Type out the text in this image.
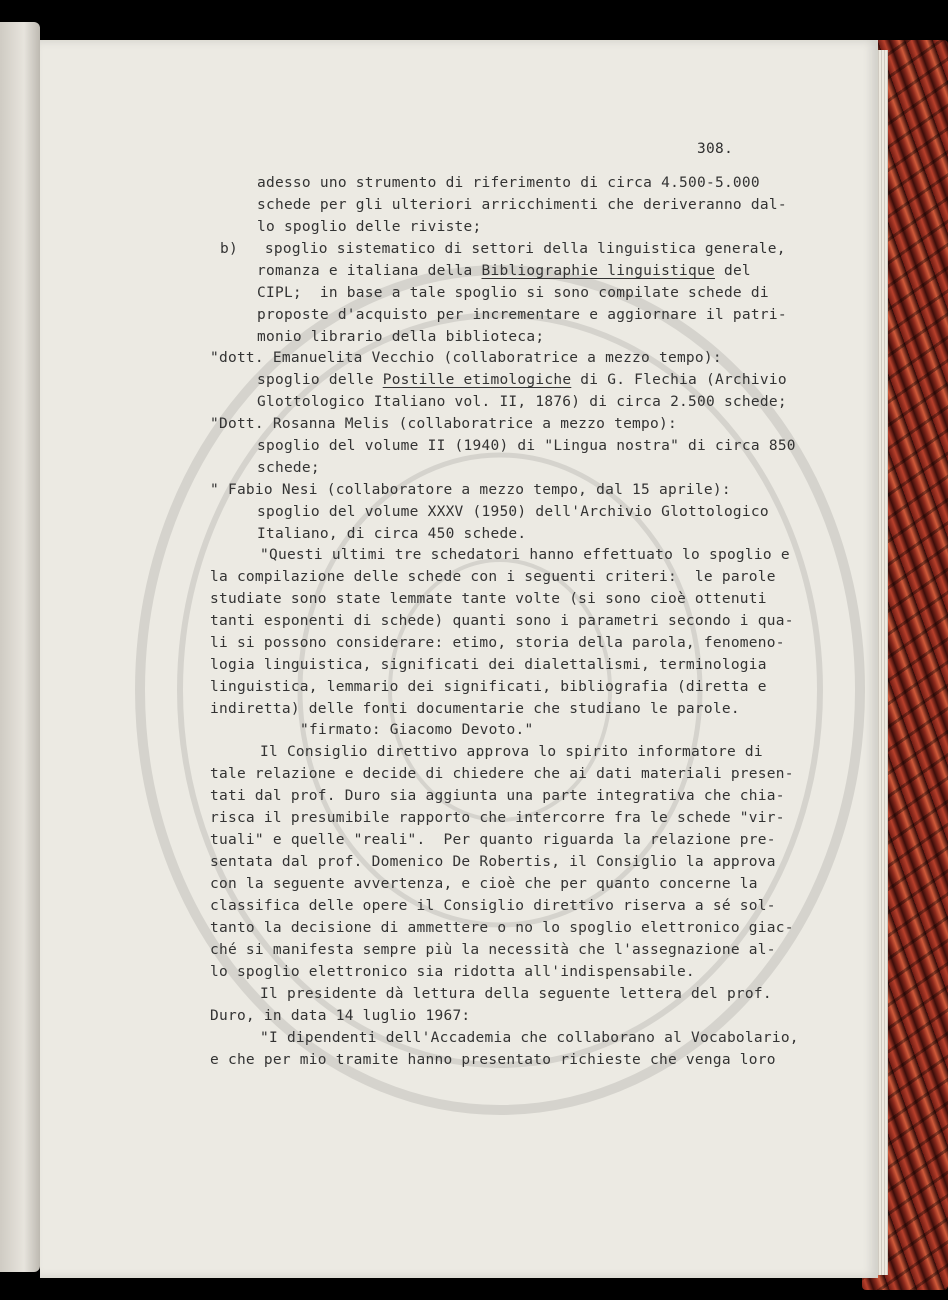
308.
adesso uno strumento di riferimento di circa 4.500-5.000
schede per gli ulteriori arricchimenti che deriveranno dal-
lo spoglio delle riviste;
b)   spoglio sistematico di settori della linguistica generale,
romanza e italiana della Bibliographie linguistique del
CIPL;  in base a tale spoglio si sono compilate schede di
proposte d'acquisto per incrementare e aggiornare il patri-
monio librario della biblioteca;
"dott. Emanuelita Vecchio (collaboratrice a mezzo tempo):
spoglio delle Postille etimologiche di G. Flechia (Archivio
Glottologico Italiano vol. II, 1876) di circa 2.500 schede;
"Dott. Rosanna Melis (collaboratrice a mezzo tempo):
spoglio del volume II (1940) di "Lingua nostra" di circa 850
schede;
" Fabio Nesi (collaboratore a mezzo tempo, dal 15 aprile):
spoglio del volume XXXV (1950) dell'Archivio Glottologico
Italiano, di circa 450 schede.
"Questi ultimi tre schedatori hanno effettuato lo spoglio e
la compilazione delle schede con i seguenti criteri:  le parole
studiate sono state lemmate tante volte (si sono cioè ottenuti
tanti esponenti di schede) quanti sono i parametri secondo i qua-
li si possono considerare: etimo, storia della parola, fenomeno-
logia linguistica, significati dei dialettalismi, terminologia
linguistica, lemmario dei significati, bibliografia (diretta e
indiretta) delle fonti documentarie che studiano le parole.
"firmato: Giacomo Devoto."
Il Consiglio direttivo approva lo spirito informatore di
tale relazione e decide di chiedere che ai dati materiali presen-
tati dal prof. Duro sia aggiunta una parte integrativa che chia-
risca il presumibile rapporto che intercorre fra le schede "vir-
tuali" e quelle "reali".  Per quanto riguarda la relazione pre-
sentata dal prof. Domenico De Robertis, il Consiglio la approva
con la seguente avvertenza, e cioè che per quanto concerne la
classifica delle opere il Consiglio direttivo riserva a sé sol-
tanto la decisione di ammettere o no lo spoglio elettronico giac-
ché si manifesta sempre più la necessità che l'assegnazione al-
lo spoglio elettronico sia ridotta all'indispensabile.
Il presidente dà lettura della seguente lettera del prof.
Duro, in data 14 luglio 1967:
"I dipendenti dell'Accademia che collaborano al Vocabolario,
e che per mio tramite hanno presentato richieste che venga loro
